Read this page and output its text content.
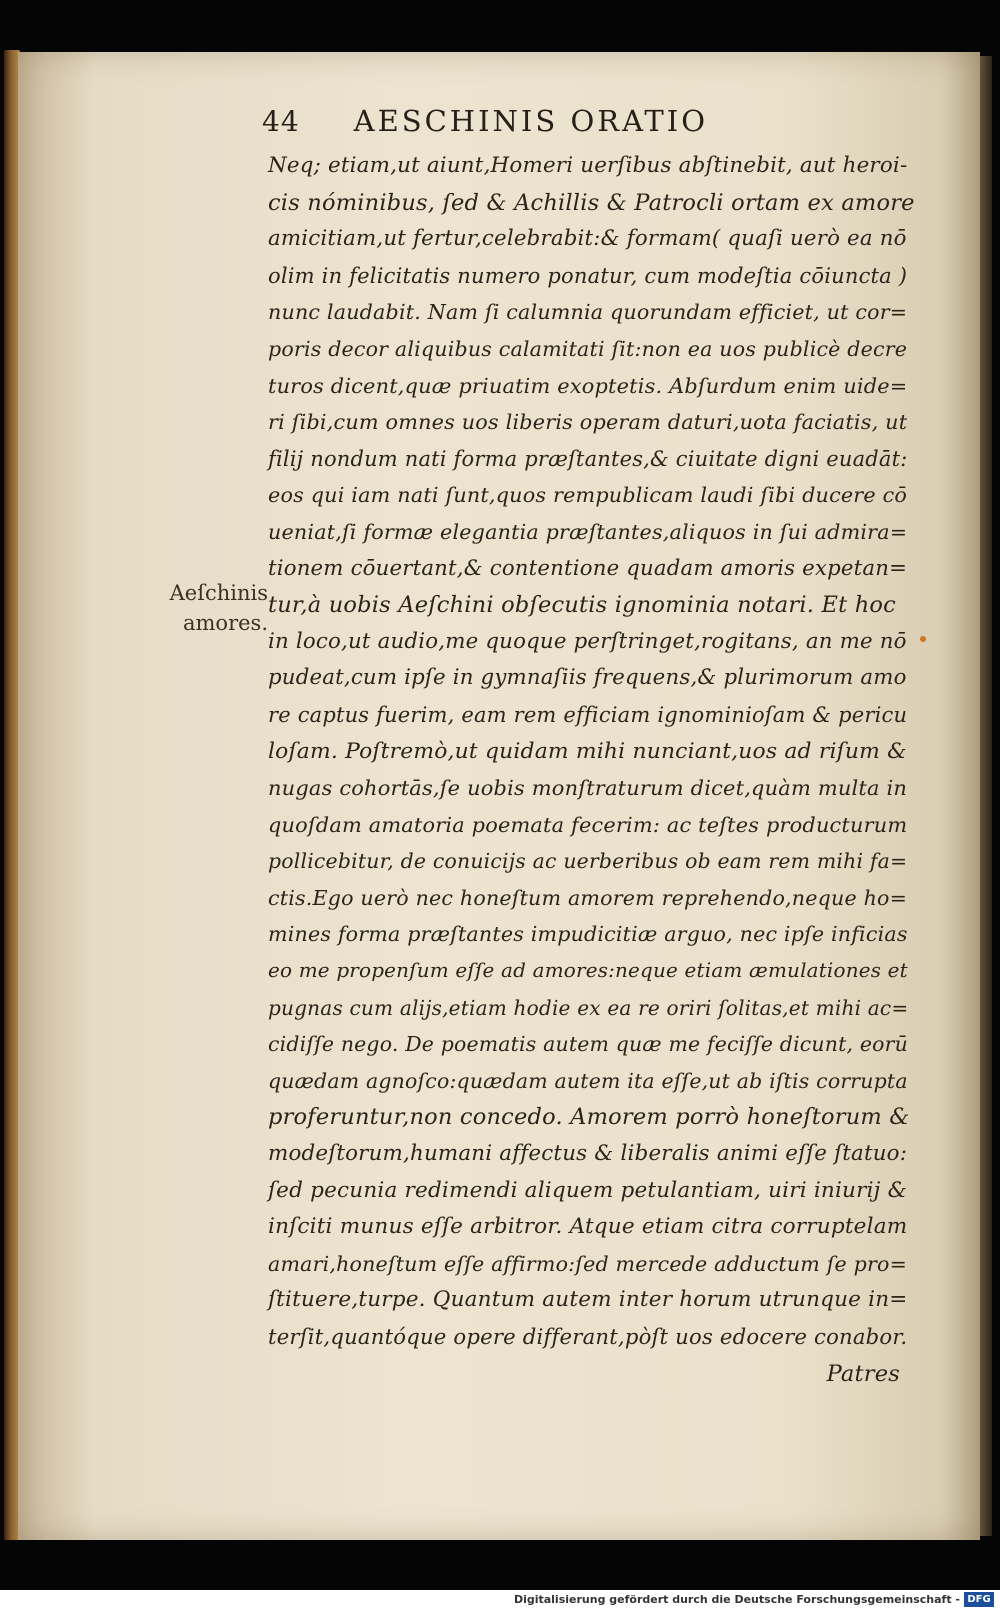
44 AESCHINIS ORATIO
Aeſchinis
amores.
Neq; etiam,ut aiunt,Homeri uerſibus abſtinebit, aut heroi-
cis nóminibus, ſed & Achillis & Patrocli ortam ex amore
amicitiam,ut fertur,celebrabit:& formam( quaſi uerò ea nō
olim in felicitatis numero ponatur, cum modeſtia cōiuncta )
nunc laudabit. Nam ſi calumnia quorundam efficiet, ut cor=
poris decor aliquibus calamitati ſit:non ea uos publicè decre
turos dicent,quæ priuatim exoptetis. Abſurdum enim uide=
ri ſibi,cum omnes uos liberis operam daturi,uota faciatis, ut
filij nondum nati forma præſtantes,& ciuitate digni euadāt:
eos qui iam nati ſunt,quos rempublicam laudi ſibi ducere cō
ueniat,ſi formæ elegantia præſtantes,aliquos in ſui admira=
tionem cōuertant,& contentione quadam amoris expetan=
tur,à uobis Aeſchini obſecutis ignominia notari. Et hoc
in loco,ut audio,me quoque perſtringet,rogitans, an me nō
pudeat,cum ipſe in gymnaſiis frequens,& plurimorum amo
re captus fuerim, eam rem efficiam ignominioſam & pericu
loſam. Poſtremò,ut quidam mihi nunciant,uos ad riſum &
nugas cohortās,ſe uobis monſtraturum dicet,quàm multa in
quoſdam amatoria poemata fecerim: ac teſtes producturum
pollicebitur, de conuicijs ac uerberibus ob eam rem mihi fa=
ctis.Ego uerò nec honeſtum amorem reprehendo,neque ho=
mines forma præſtantes impudicitiæ arguo, nec ipſe inficias
eo me propenſum eſſe ad amores:neque etiam æmulationes et
pugnas cum alijs,etiam hodie ex ea re oriri ſolitas,et mihi ac=
cidiſſe nego. De poematis autem quæ me feciſſe dicunt, eorū
quædam agnoſco:quædam autem ita eſſe,ut ab iſtis corrupta
proferuntur,non concedo. Amorem porrò honeſtorum &
modeſtorum,humani affectus & liberalis animi eſſe ſtatuo:
ſed pecunia redimendi aliquem petulantiam, uiri iniurij &
inſciti munus eſſe arbitror. Atque etiam citra corruptelam
amari,honeſtum eſſe affirmo:ſed mercede adductum ſe pro=
ſtituere,turpe. Quantum autem inter horum utrunque in=
terſit,quantóque opere differant,pòſt uos edocere conabor.
Patres
Digitalisierung gefördert durch die Deutsche Forschungsgemeinschaft - DFG
